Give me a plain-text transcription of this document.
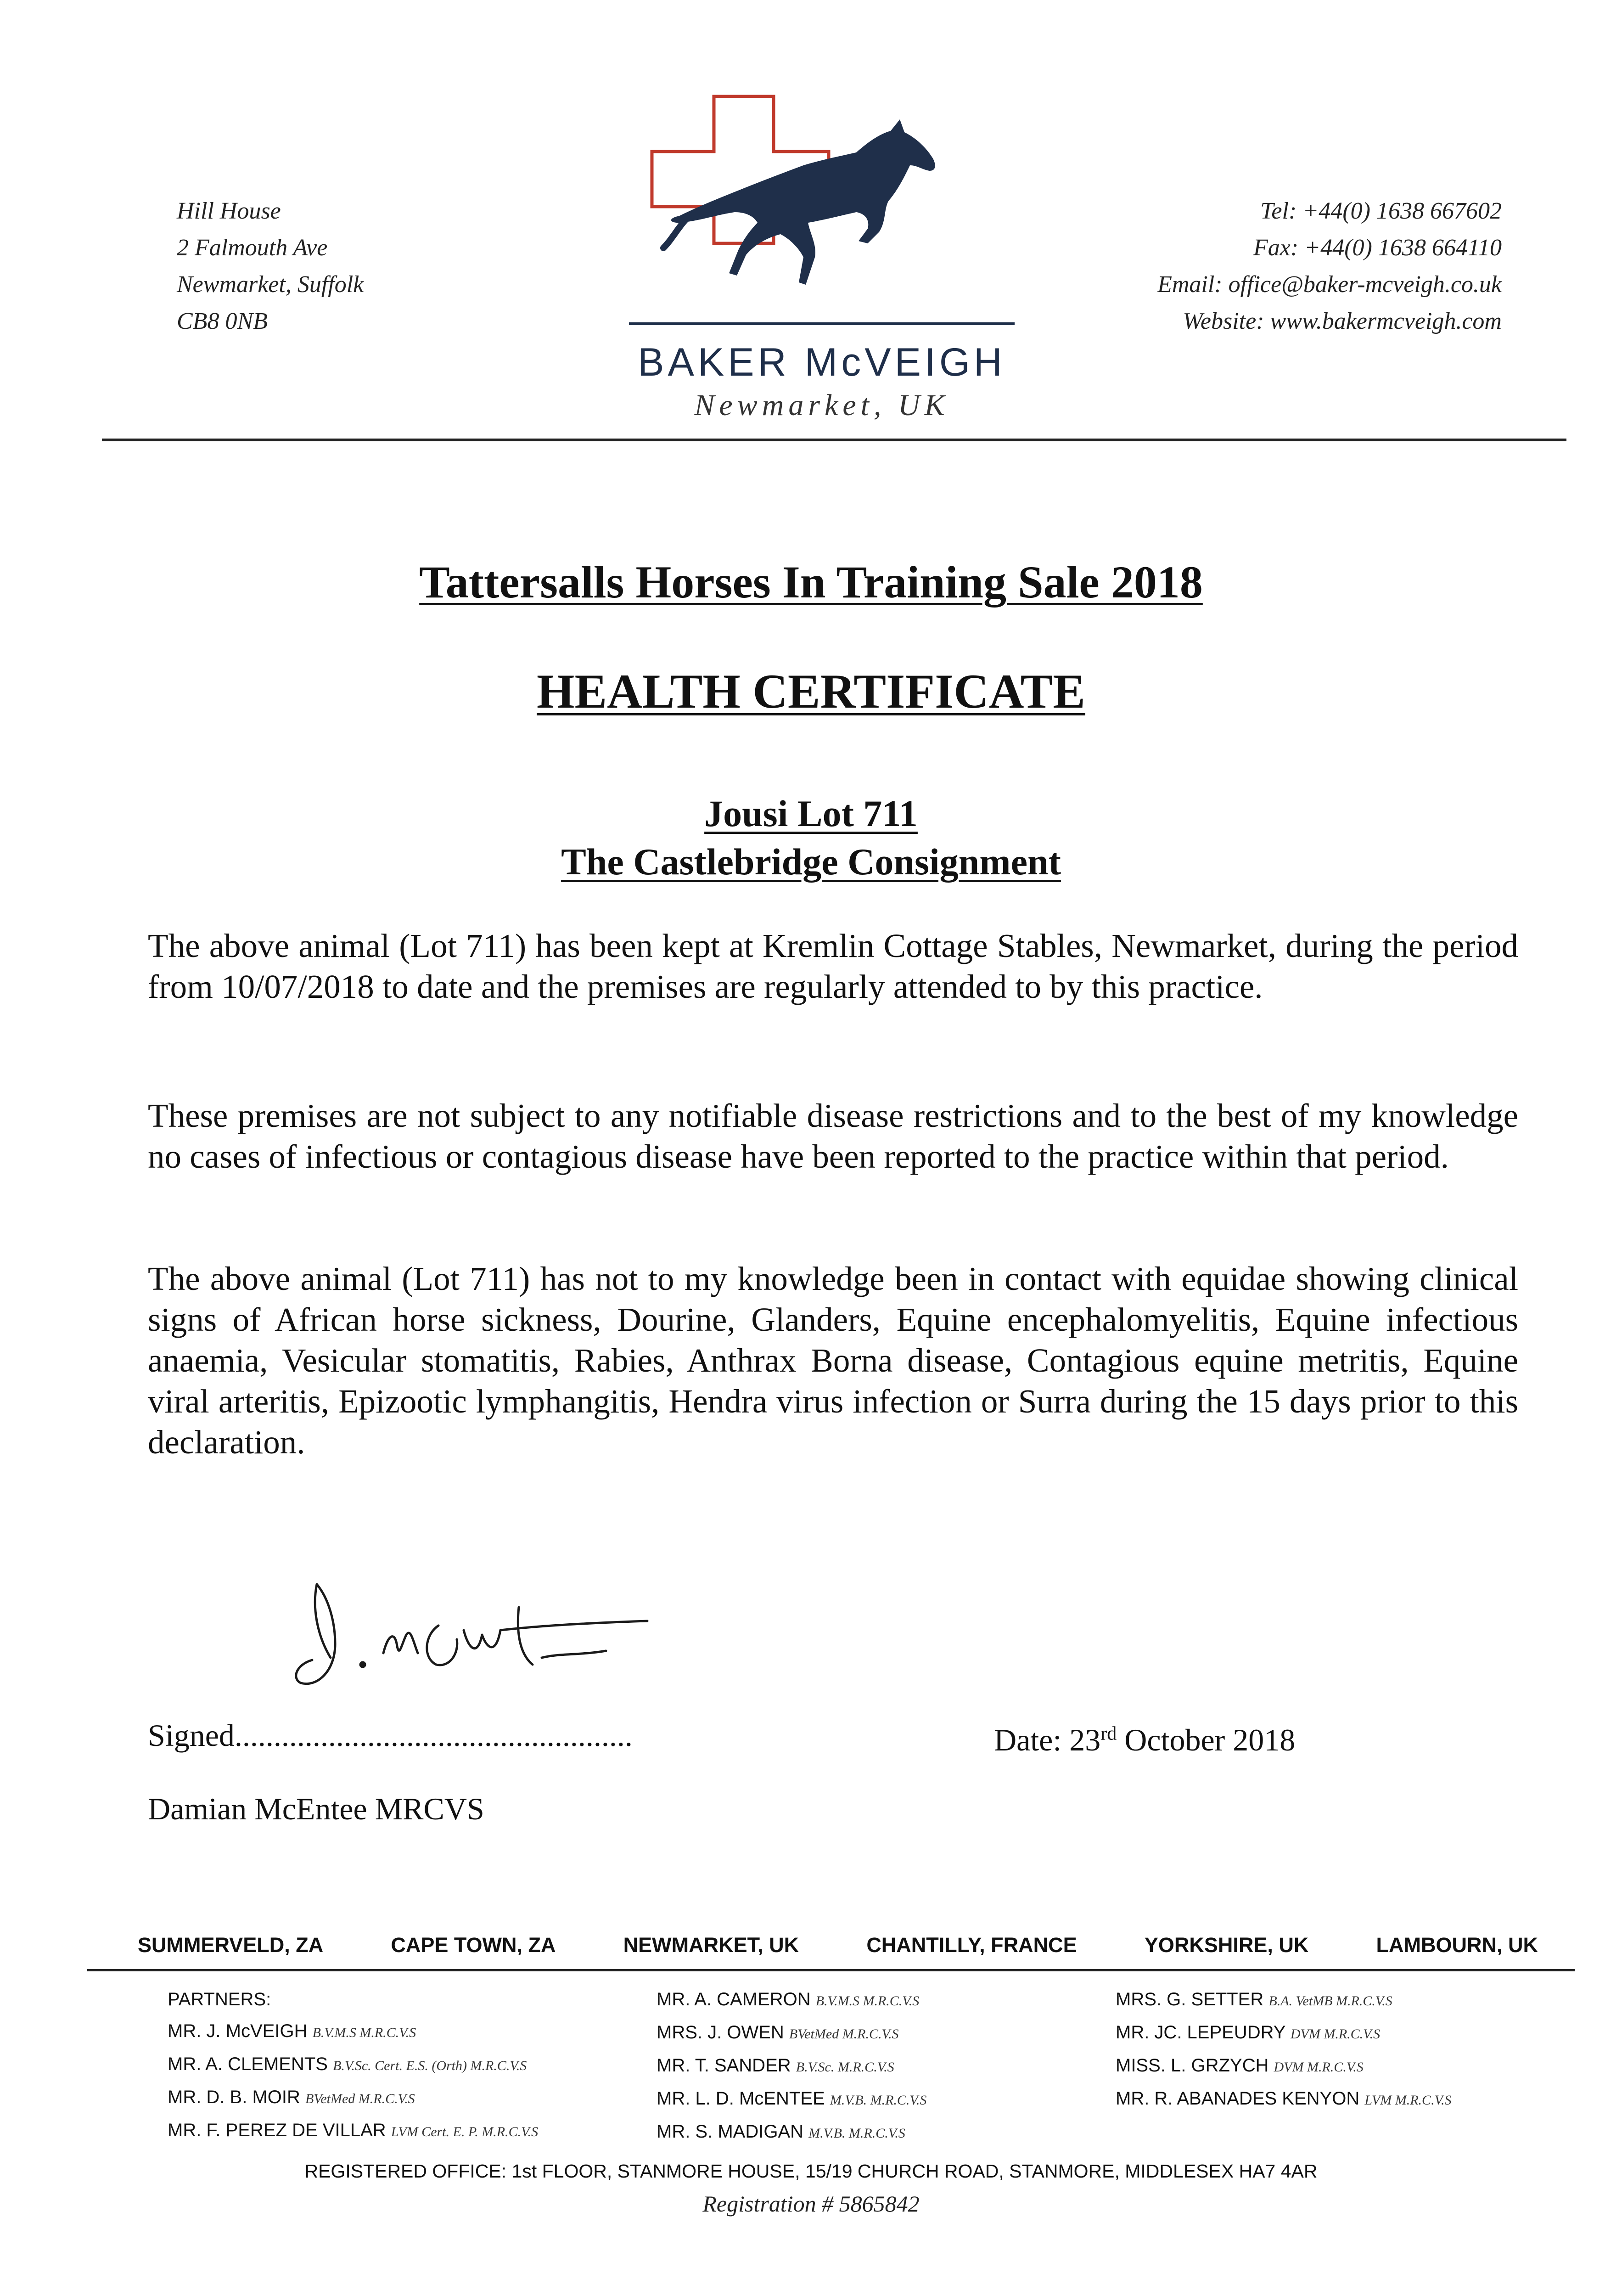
Hill House
2 Falmouth Ave
Newmarket, Suffolk
CB8 0NB
BAKER McVEIGH
Newmarket, UK
Tel: +44(0) 1638 667602
Fax: +44(0) 1638 664110
Email: office@baker-mcveigh.co.uk
Website: www.bakermcveigh.com
Tattersalls Horses In Training Sale 2018
HEALTH CERTIFICATE
Jousi Lot 711
The Castlebridge Consignment
The above animal (Lot 711) has been kept at Kremlin Cottage Stables, Newmarket, during the period from 10/07/2018 to date and the premises are regularly attended to by this practice.
These premises are not subject to any notifiable disease restrictions and to the best of my knowledge no cases of infectious or contagious disease have been reported to the practice within that period.
The above animal (Lot 711) has not to my knowledge been in contact with equidae showing clinical signs of African horse sickness, Dourine, Glanders, Equine encephalomyelitis, Equine infectious anaemia, Vesicular stomatitis, Rabies, Anthrax Borna disease, Contagious equine metritis, Equine viral arteritis, Epizootic lymphangitis, Hendra virus infection or Surra during the 15 days prior to this declaration.
Signed...................................................	Date: 23rd October 2018
Damian McEntee MRCVS
SUMMERVELD, ZA	CAPE TOWN, ZA	NEWMARKET, UK	CHANTILLY, FRANCE	YORKSHIRE, UK	LAMBOURN, UK
PARTNERS:
MR. J. McVEIGH B.V.M.S M.R.C.V.S
MR. A. CLEMENTS B.V.Sc. Cert. E.S. (Orth) M.R.C.V.S
MR. D. B. MOIR BVetMed M.R.C.V.S
MR. F. PEREZ DE VILLAR LVM Cert. E. P. M.R.C.V.S
MR. A. CAMERON B.V.M.S M.R.C.V.S
MRS. J. OWEN BVetMed M.R.C.V.S
MR. T. SANDER B.V.Sc. M.R.C.V.S
MR. L. D. McENTEE M.V.B. M.R.C.V.S
MR. S. MADIGAN M.V.B. M.R.C.V.S
MRS. G. SETTER B.A. VetMB M.R.C.V.S
MR. JC. LEPEUDRY DVM M.R.C.V.S
MISS. L. GRZYCH DVM M.R.C.V.S
MR. R. ABANADES KENYON LVM M.R.C.V.S
REGISTERED OFFICE: 1st FLOOR, STANMORE HOUSE, 15/19 CHURCH ROAD, STANMORE, MIDDLESEX HA7 4AR
Registration # 5865842
